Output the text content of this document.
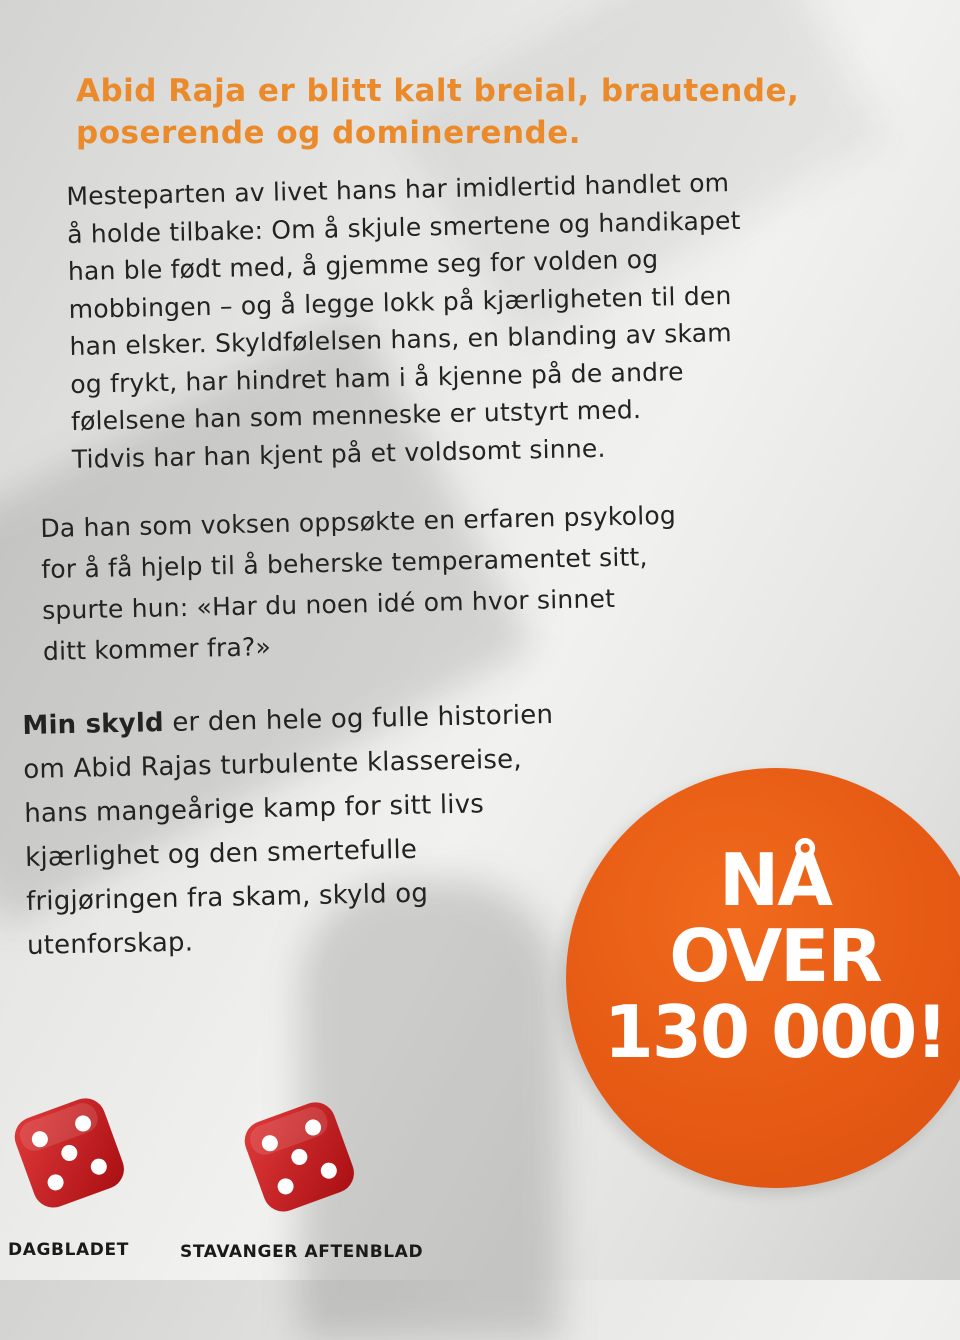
Abid Raja er blitt kalt breial, brautende,
poserende og dominerende.

Mesteparten av livet hans har imidlertid handlet om
å holde tilbake: Om å skjule smertene og handikapet
han ble født med, å gjemme seg for volden og
mobbingen – og å legge lokk på kjærligheten til den
han elsker. Skyldfølelsen hans, en blanding av skam
og frykt, har hindret ham i å kjenne på de andre
følelsene han som menneske er utstyrt med.
Tidvis har han kjent på et voldsomt sinne.

Da han som voksen oppsøkte en erfaren psykolog
for å få hjelp til å beherske temperamentet sitt,
spurte hun: «Har du noen idé om hvor sinnet
ditt kommer fra?»

Min skyld er den hele og fulle historien
om Abid Rajas turbulente klassereise,
hans mangeårige kamp for sitt livs
kjærlighet og den smertefulle
frigjøringen fra skam, skyld og
utenforskap.

NÅ
OVER
130 000!

DAGBLADET	STAVANGER AFTENBLAD
